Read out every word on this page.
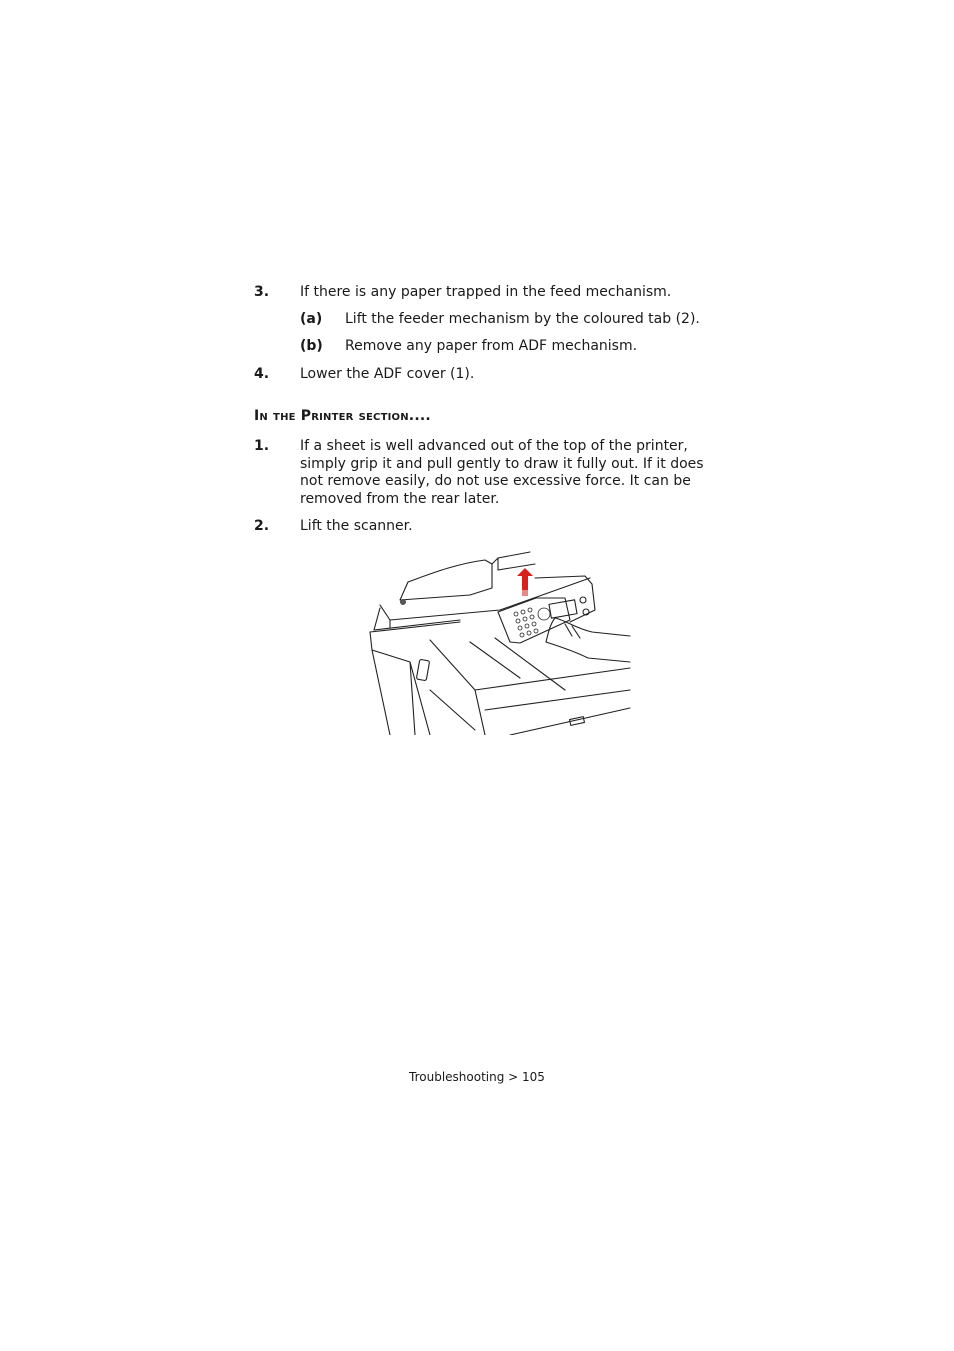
3. If there is any paper trapped in the feed mechanism.
(a) Lift the feeder mechanism by the coloured tab (2).
(b) Remove any paper from ADF mechanism.
4. Lower the ADF cover (1).
In the Printer section....
1. If a sheet is well advanced out of the top of the printer, simply grip it and pull gently to draw it fully out. If it does not remove easily, do not use excessive force. It can be removed from the rear later.
2. Lift the scanner.
Troubleshooting > 105
